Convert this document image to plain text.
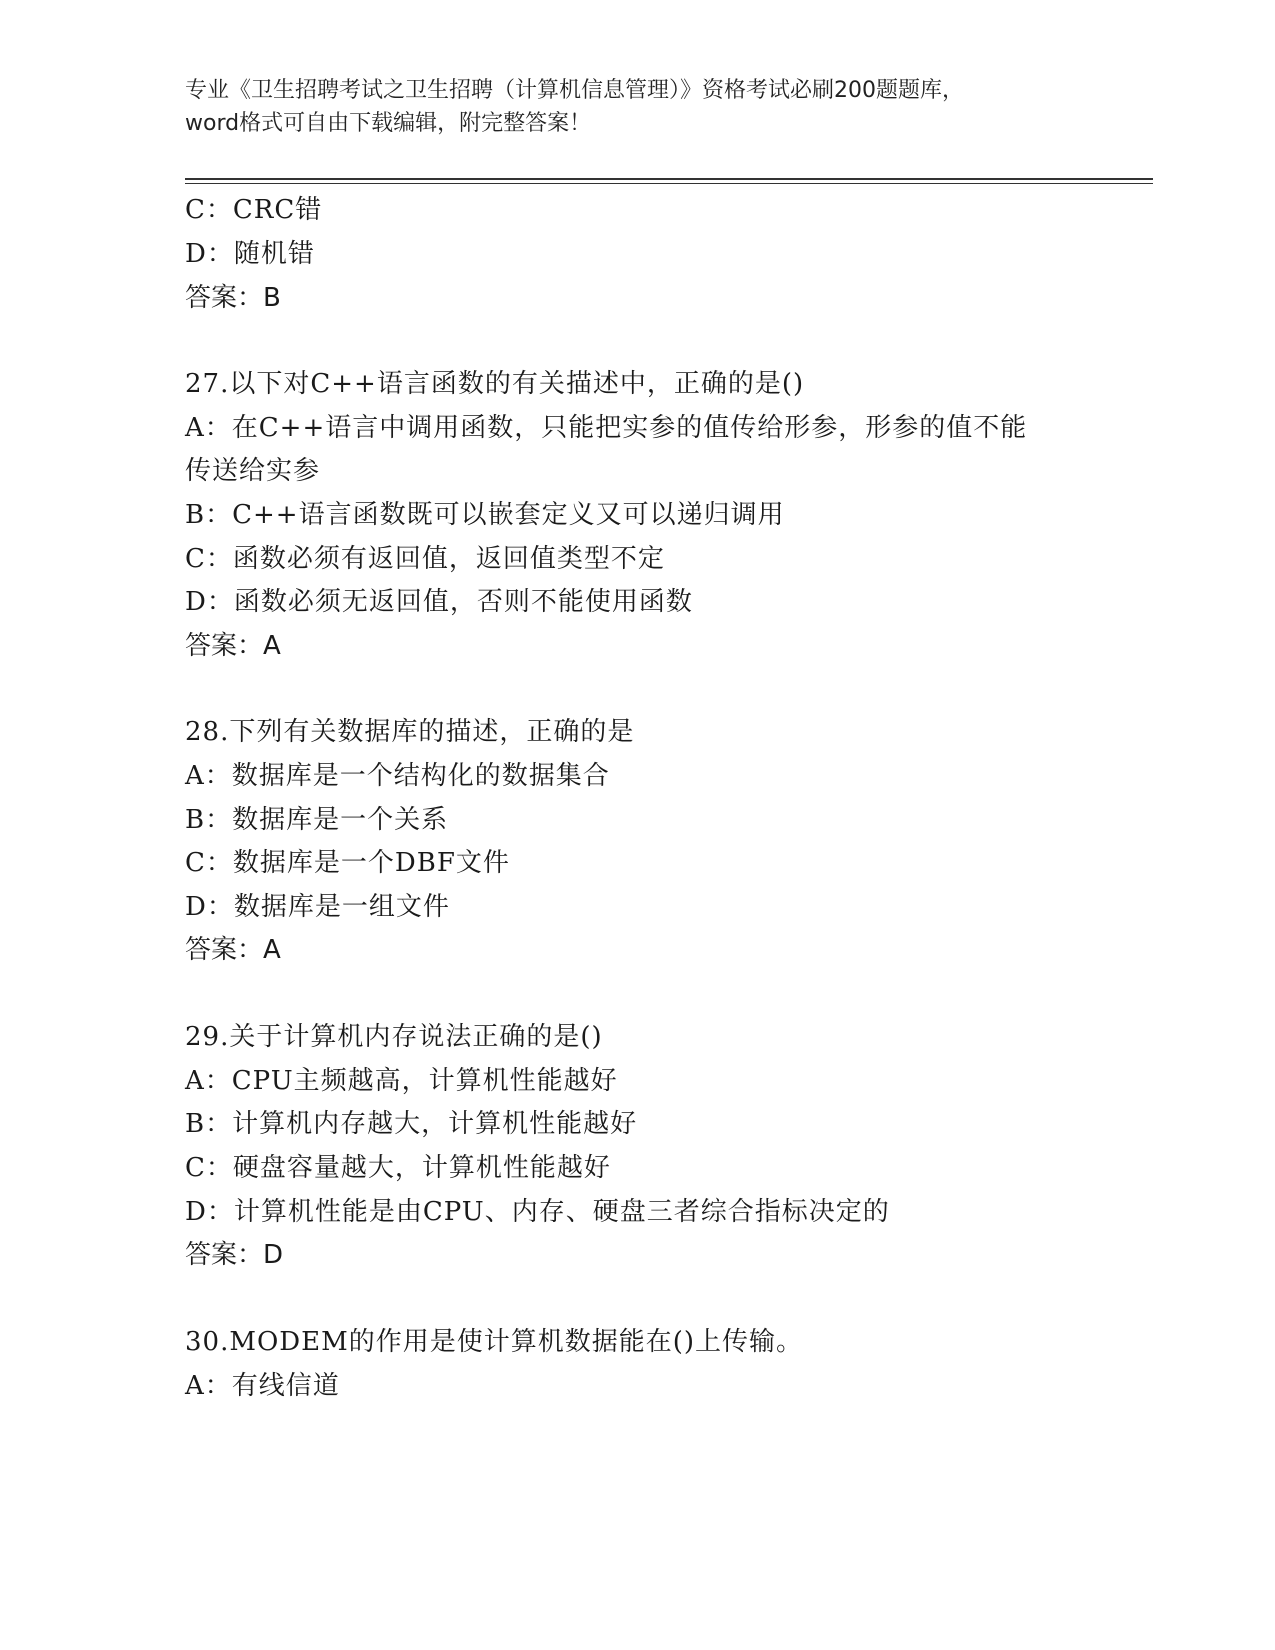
专业《卫生招聘考试之卫生招聘（计算机信息管理）》资格考试必刷200题题库，
word格式可自由下载编辑，附完整答案！
C：CRC错
D：随机错
答案：B
27.以下对C++语言函数的有关描述中，正确的是()
A：在C++语言中调用函数，只能把实参的值传给形参，形参的值不能
传送给实参
B：C++语言函数既可以嵌套定义又可以递归调用
C：函数必须有返回值，返回值类型不定
D：函数必须无返回值，否则不能使用函数
答案：A
28.下列有关数据库的描述，正确的是
A：数据库是一个结构化的数据集合
B：数据库是一个关系
C：数据库是一个DBF文件
D：数据库是一组文件
答案：A
29.关于计算机内存说法正确的是()
A：CPU主频越高，计算机性能越好
B：计算机内存越大，计算机性能越好
C：硬盘容量越大，计算机性能越好
D：计算机性能是由CPU、内存、硬盘三者综合指标决定的
答案：D
30.MODEM的作用是使计算机数据能在()上传输。
A：有线信道
